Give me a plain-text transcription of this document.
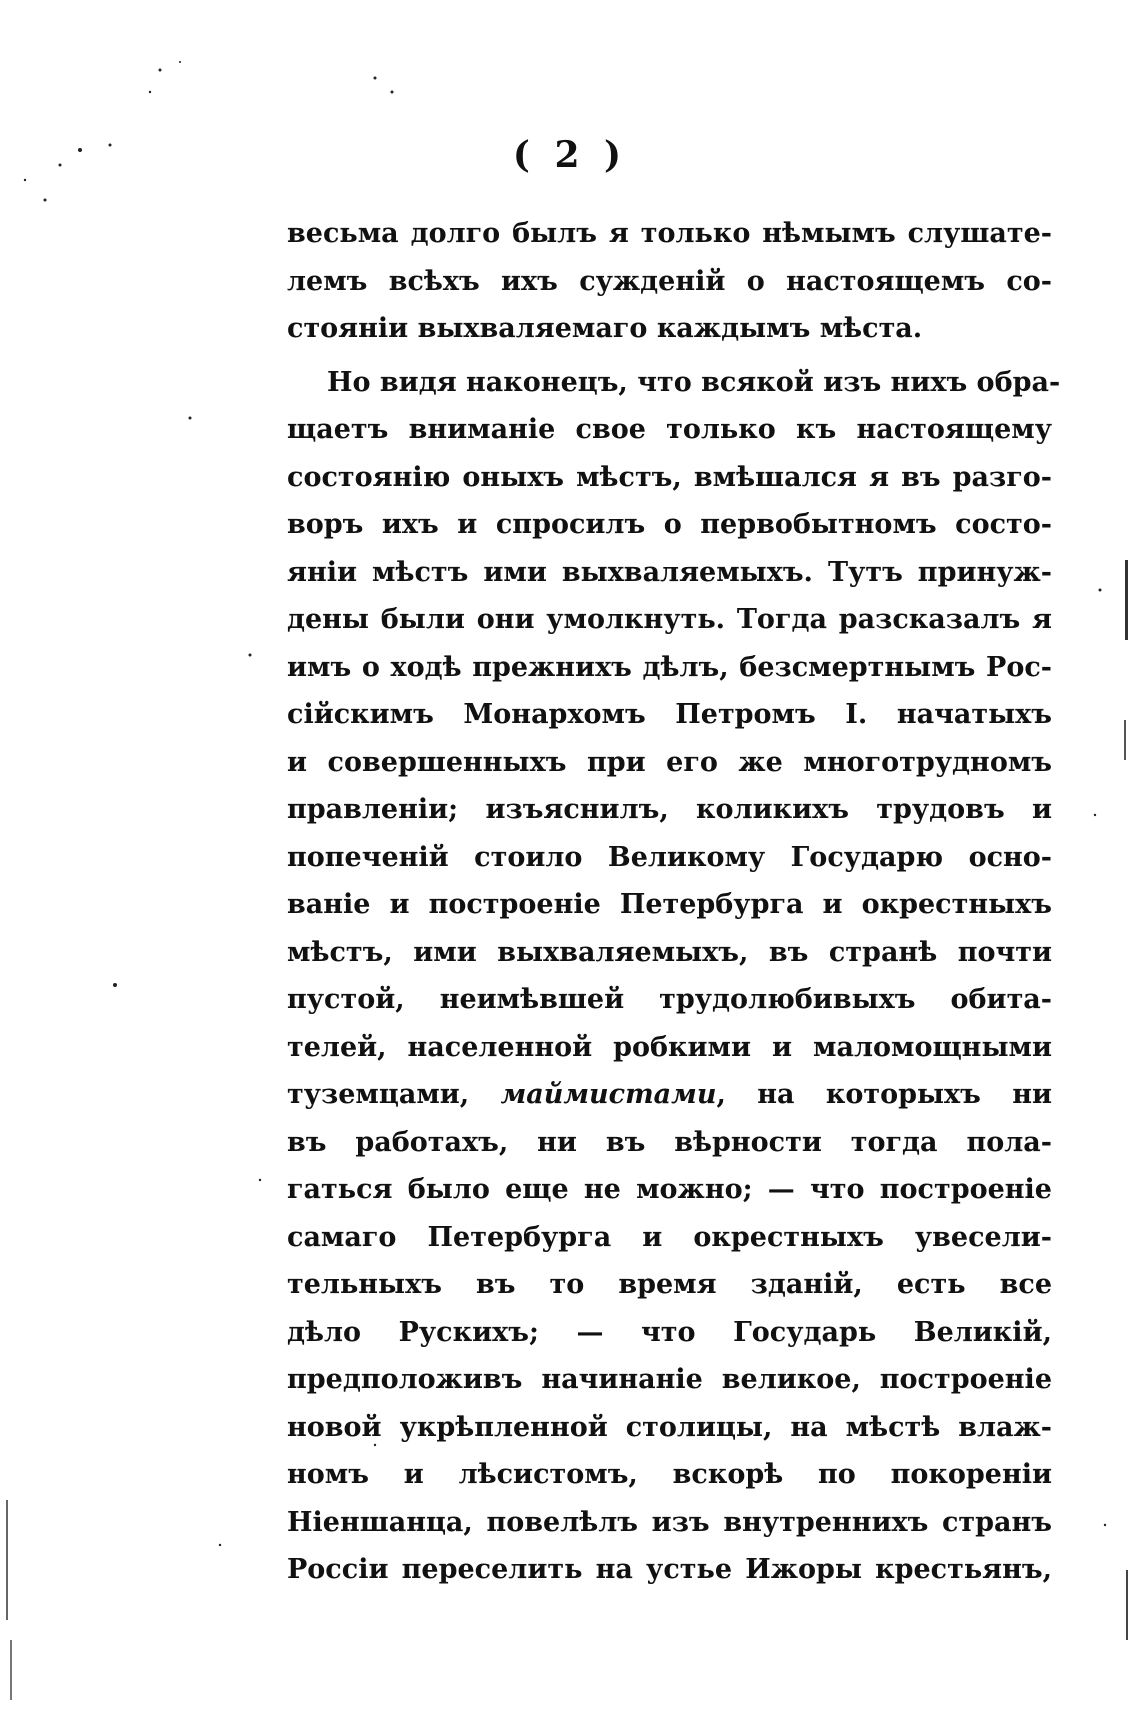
( 2 )
весьма долго былъ я только нѣмымъ слушате-
лемъ всѣхъ ихъ сужденій о настоящемъ со-
стояніи выхваляемаго каждымъ мѣста.
Но видя наконецъ, что всякой изъ нихъ обра-
щаетъ вниманіе свое только къ настоящему
состоянію оныхъ мѣстъ, вмѣшался я въ разго-
воръ ихъ и спросилъ о первобытномъ состо-
яніи мѣстъ ими выхваляемыхъ. Тутъ принуж-
дены были они умолкнуть. Тогда разсказалъ я
имъ о ходѣ прежнихъ дѣлъ, безсмертнымъ Рос-
сійскимъ Монархомъ Петромъ I. начатыхъ
и совершенныхъ при его же многотрудномъ
правленіи; изъяснилъ, коликихъ трудовъ и
попеченій стоило Великому Государю осно-
ваніе и построеніе Петербурга и окрестныхъ
мѣстъ, ими выхваляемыхъ, въ странѣ почти
пустой, неимѣвшей трудолюбивыхъ обита-
телей, населенной робкими и маломощными
туземцами, маймистами, на которыхъ ни
въ работахъ, ни въ вѣрности тогда пола-
гаться было еще не можно; — что построеніе
самаго Петербурга и окрестныхъ увесели-
тельныхъ въ то время зданій, есть все
дѣло Рускихъ; — что Государь Великій,
предположивъ начинаніе великое, построеніе
новой укрѣпленной столицы, на мѣстѣ влаж-
номъ и лѣсистомъ, вскорѣ по покореніи
Ніеншанца, повелѣлъ изъ внутреннихъ странъ
Россіи переселить на устье Ижоры крестьянъ,
